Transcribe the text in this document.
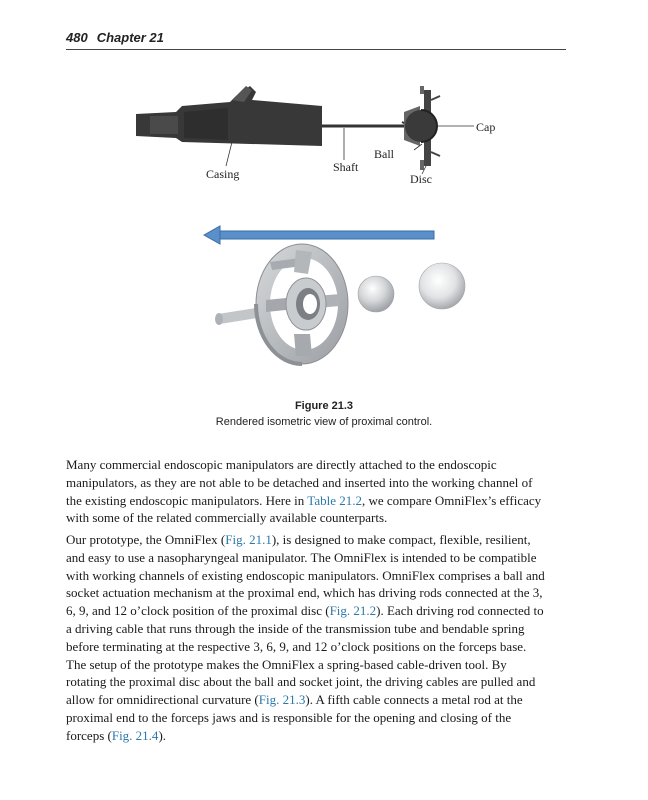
480 Chapter 21
Cap
Ball
Shaft
Casing	Disc
Figure 21.3
Rendered isometric view of proximal control.
Many commercial endoscopic manipulators are directly attached to the endoscopic
manipulators, as they are not able to be detached and inserted into the working channel of
the existing endoscopic manipulators. Here in Table 21.2, we compare OmniFlex’s efficacy
with some of the related commercially available counterparts.
Our prototype, the OmniFlex (Fig. 21.1), is designed to make compact, flexible, resilient,
and easy to use a nasopharyngeal manipulator. The OmniFlex is intended to be compatible
with working channels of existing endoscopic manipulators. OmniFlex comprises a ball and
socket actuation mechanism at the proximal end, which has driving rods connected at the 3,
6, 9, and 12 o’clock position of the proximal disc (Fig. 21.2). Each driving rod connected to
a driving cable that runs through the inside of the transmission tube and bendable spring
before terminating at the respective 3, 6, 9, and 12 o’clock positions on the forceps base.
The setup of the prototype makes the OmniFlex a spring-based cable-driven tool. By
rotating the proximal disc about the ball and socket joint, the driving cables are pulled and
allow for omnidirectional curvature (Fig. 21.3). A fifth cable connects a metal rod at the
proximal end to the forceps jaws and is responsible for the opening and closing of the
forceps (Fig. 21.4).
